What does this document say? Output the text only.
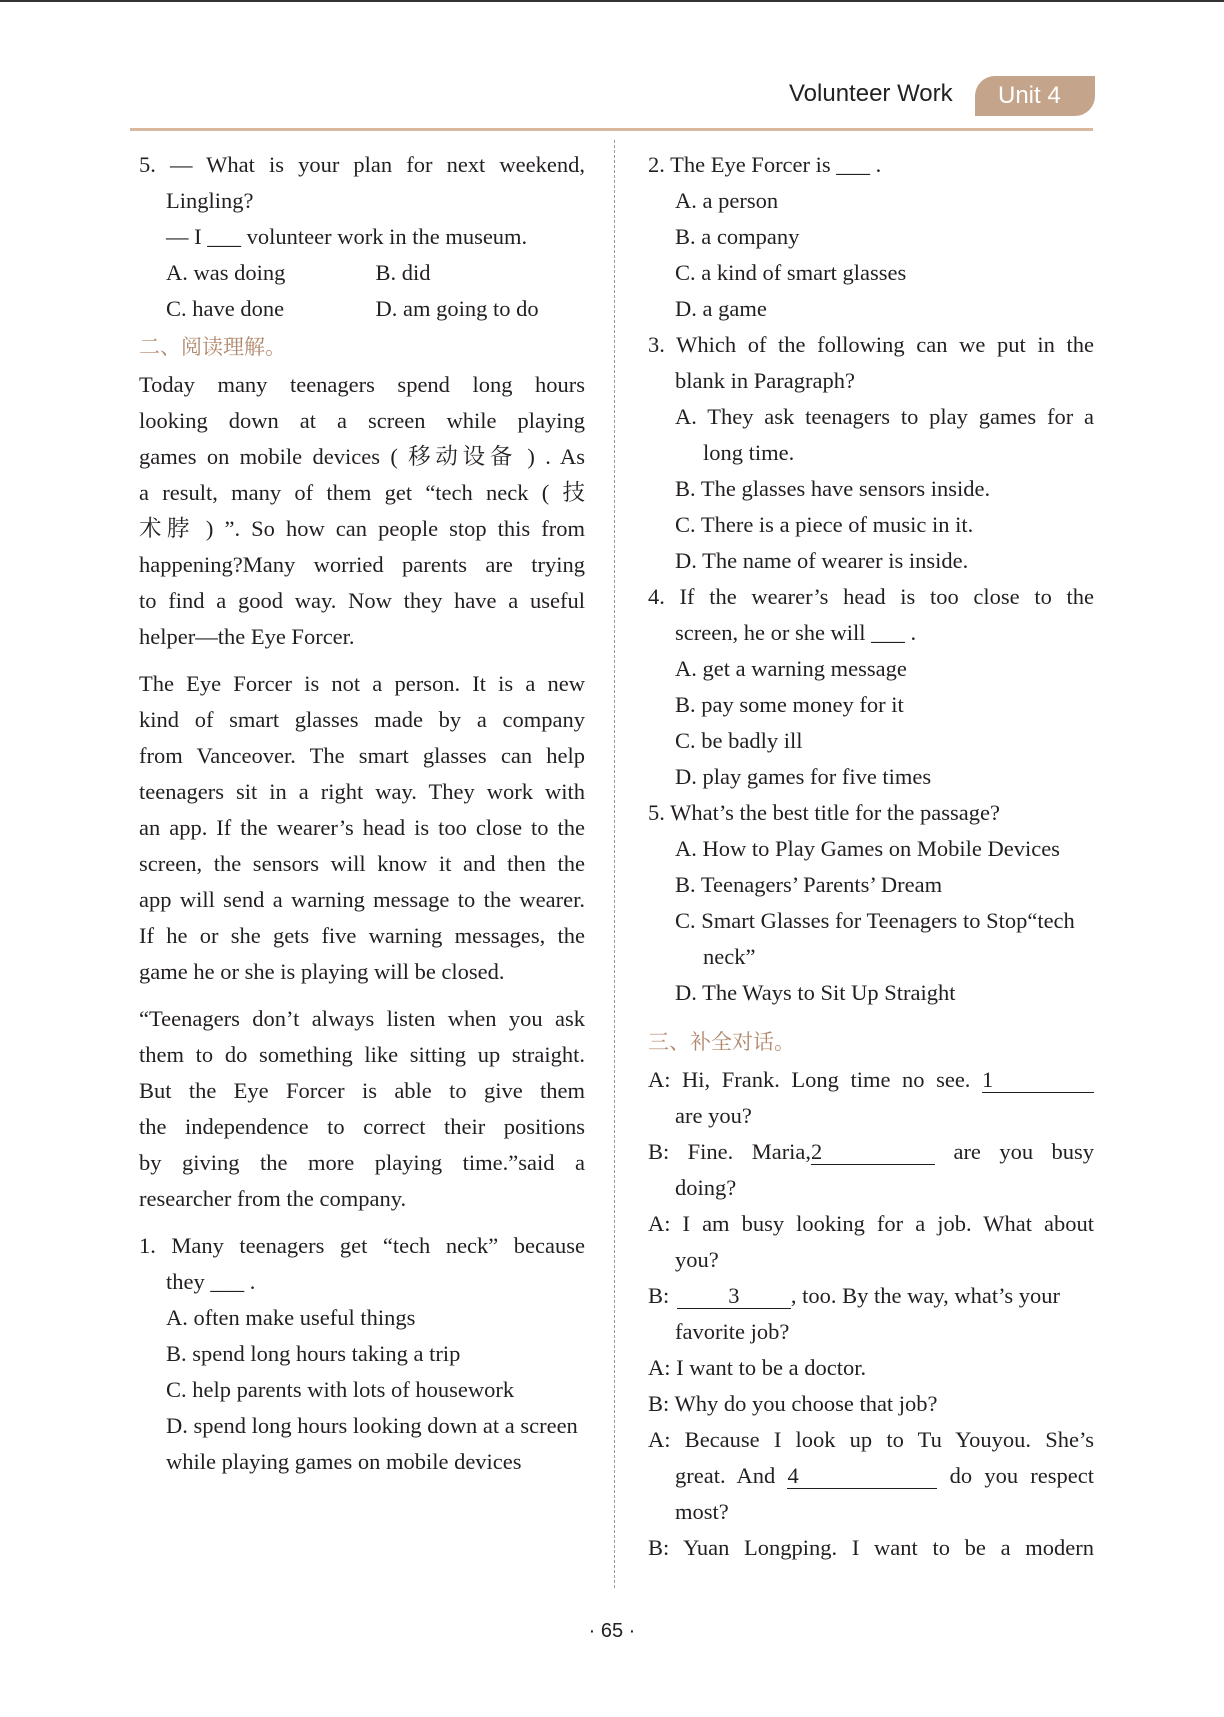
Volunteer Work Unit 4
5. — What is your plan for next weekend,
Lingling?
— I ___ volunteer work in the museum.
A. was doing	B. did
C. have done	D. am going to do
二、阅读理解。
Today many teenagers spend long hours
looking down at a screen while playing
games on mobile devices ( 移动设备 ) . As
a result, many of them get “tech neck ( 技
术脖 ) ”. So how can people stop this from
happening?Many worried parents are trying
to find a good way. Now they have a useful
helper—the Eye Forcer.
The Eye Forcer is not a person. It is a new
kind of smart glasses made by a company
from Vanceover. The smart glasses can help
teenagers sit in a right way. They work with
an app. If the wearer’s head is too close to the
screen, the sensors will know it and then the
app will send a warning message to the wearer.
If he or she gets five warning messages, the
game he or she is playing will be closed.
“Teenagers don’t always listen when you ask
them to do something like sitting up straight.
But the Eye Forcer is able to give them
the independence to correct their positions
by giving the more playing time.”said a
researcher from the company.
1. Many teenagers get “tech neck” because
they ___ .
A. often make useful things
B. spend long hours taking a trip
C. help parents with lots of housework
D. spend long hours looking down at a screen
while playing games on mobile devices
2. The Eye Forcer is ___ .
A. a person
B. a company
C. a kind of smart glasses
D. a game
3. Which of the following can we put in the
blank in Paragraph?
A. They ask teenagers to play games for a
long time.
B. The glasses have sensors inside.
C. There is a piece of music in it.
D. The name of wearer is inside.
4. If the wearer’s head is too close to the
screen, he or she will ___ .
A. get a warning message
B. pay some money for it
C. be badly ill
D. play games for five times
5. What’s the best title for the passage?
A. How to Play Games on Mobile Devices
B. Teenagers’ Parents’ Dream
C. Smart Glasses for Teenagers to Stop“tech
neck”
D. The Ways to Sit Up Straight
三、补全对话。
A: Hi, Frank. Long time no see. 1
are you?
B: Fine. Maria,2	are you busy
doing?
A: I am busy looking for a job. What about
you?
B:	3 , too. By the way, what’s your
favorite job?
A: I want to be a doctor.
B: Why do you choose that job?
A: Because I look up to Tu Youyou. She’s
great. And 4	do you respect
most?
B: Yuan Longping. I want to be a modern
· 65 ·
